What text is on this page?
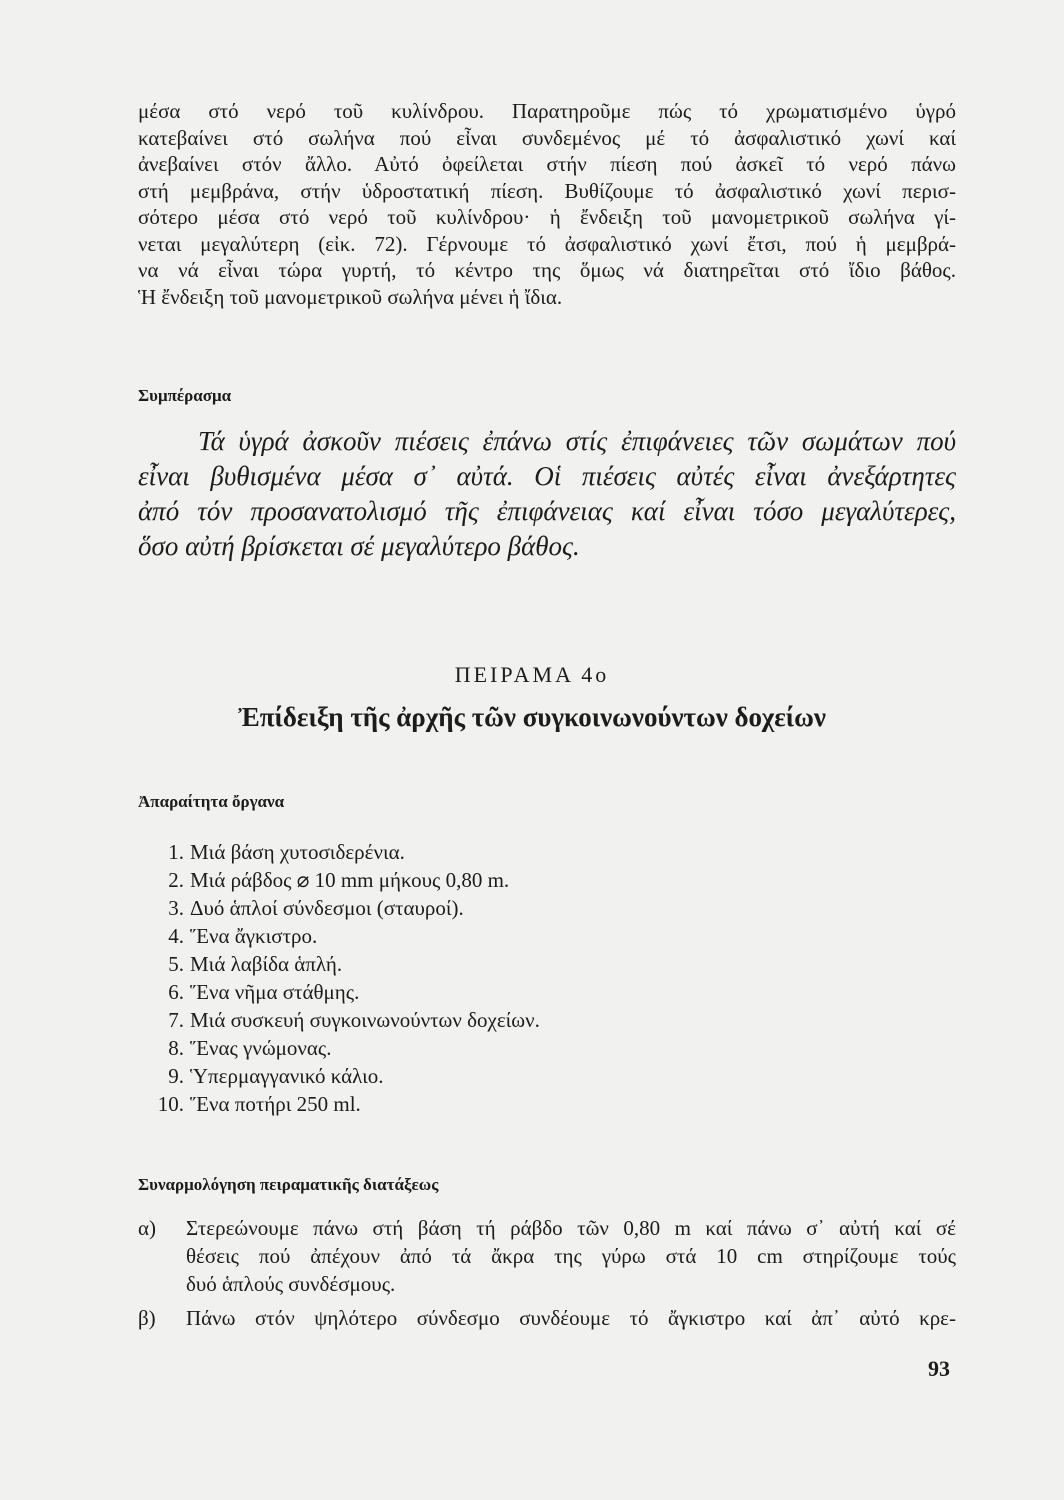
μέσα στό νερό τοῦ κυλίνδρου. Παρατηροῦμε πώς τό χρωματισμένο ὑγρό
κατεβαίνει στό σωλήνα πού εἶναι συνδεμένος μέ τό ἀσφαλιστικό χωνί καί
ἀνεβαίνει στόν ἄλλο. Αὐτό ὀφείλεται στήν πίεση πού ἀσκεῖ τό νερό πάνω
στή μεμβράνα, στήν ὑδροστατική πίεση. Βυθίζουμε τό ἀσφαλιστικό χωνί περισ-
σότερο μέσα στό νερό τοῦ κυλίνδρου· ἡ ἔνδειξη τοῦ μανομετρικοῦ σωλήνα γί-
νεται μεγαλύτερη (εἰκ. 72). Γέρνουμε τό ἀσφαλιστικό χωνί ἔτσι, πού ἡ μεμβρά-
να νά εἶναι τώρα γυρτή, τό κέντρο της ὅμως νά διατηρεῖται στό ἴδιο βάθος.
Ἡ ἔνδειξη τοῦ μανομετρικοῦ σωλήνα μένει ἡ ἴδια.
Συμπέρασμα
Τά ὑγρά ἀσκοῦν πιέσεις ἐπάνω στίς ἐπιφάνειες τῶν σωμάτων πού
εἶναι βυθισμένα μέσα σ᾽ αὐτά. Οἱ πιέσεις αὐτές εἶναι ἀνεξάρτητες
ἀπό τόν προσανατολισμό τῆς ἐπιφάνειας καί εἶναι τόσο μεγαλύτερες,
ὅσο αὐτή βρίσκεται σέ μεγαλύτερο βάθος.
ΠΕΙΡΑΜΑ 4ο
Ἐπίδειξη τῆς ἀρχῆς τῶν συγκοινωνούντων δοχείων
Ἀπαραίτητα ὄργανα
1. Μιά βάση χυτοσιδερένια.
2. Μιά ράβδος ⌀ 10 mm μήκους 0,80 m.
3. Δυό ἁπλοί σύνδεσμοι (σταυροί).
4. Ἕνα ἄγκιστρο.
5. Μιά λαβίδα ἁπλή.
6. Ἕνα νῆμα στάθμης.
7. Μιά συσκευή συγκοινωνούντων δοχείων.
8. Ἕνας γνώμονας.
9. Ὑπερμαγγανικό κάλιο.
10. Ἕνα ποτήρι 250 ml.
Συναρμολόγηση πειραματικῆς διατάξεως
α)	Στερεώνουμε πάνω στή βάση τή ράβδο τῶν 0,80 m καί πάνω σ᾽ αὐτή καί σέ
θέσεις πού ἀπέχουν ἀπό τά ἄκρα της γύρω στά 10 cm στηρίζουμε τούς
δυό ἁπλούς συνδέσμους.
β)	Πάνω στόν ψηλότερο σύνδεσμο συνδέουμε τό ἄγκιστρο καί ἀπ᾽ αὐτό κρε-
93
